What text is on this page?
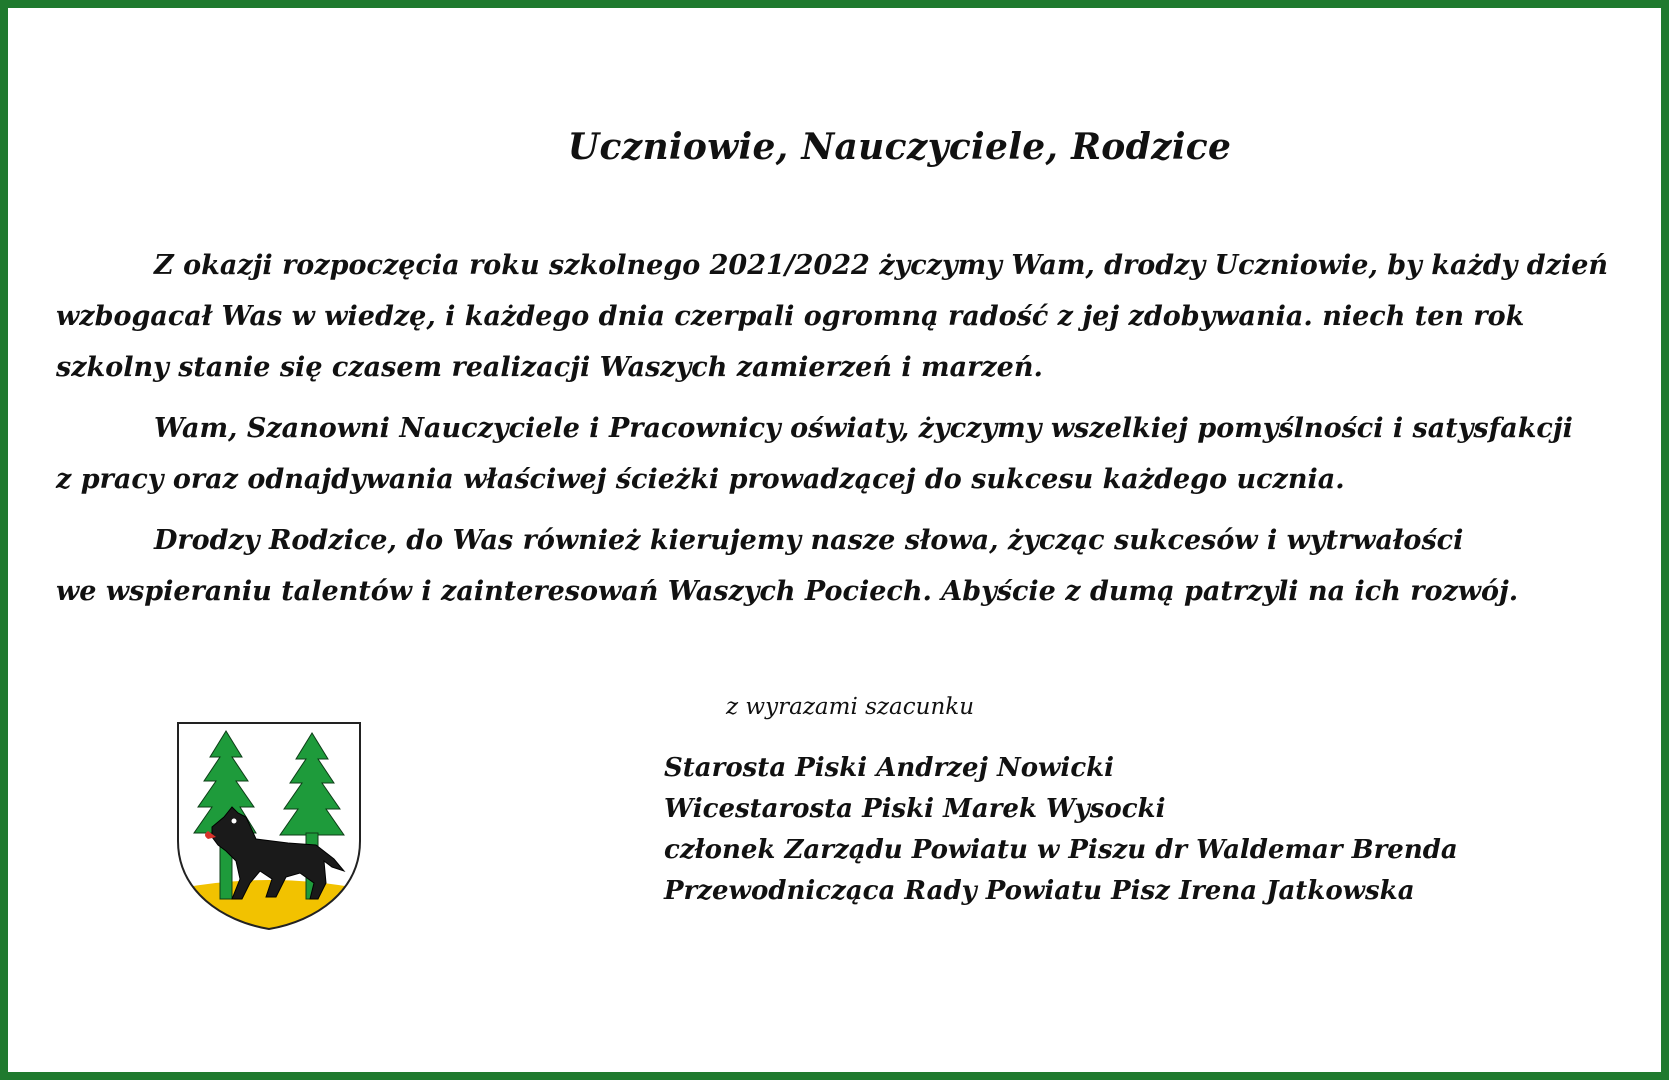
Uczniowie, Nauczyciele, Rodzice

Z okazji rozpoczęcia roku szkolnego 2021/2022 życzymy Wam, drodzy Uczniowie, by każdy dzień
wzbogacał Was w wiedzę, i każdego dnia czerpali ogromną radość z jej zdobywania. niech ten rok
szkolny stanie się czasem realizacji Waszych zamierzeń i marzeń.

Wam, Szanowni Nauczyciele i Pracownicy oświaty, życzymy wszelkiej pomyślności i satysfakcji
z pracy oraz odnajdywania właściwej ścieżki prowadzącej do sukcesu każdego ucznia.

Drodzy Rodzice, do Was również kierujemy nasze słowa, życząc sukcesów i wytrwałości
we wspieraniu talentów i zainteresowań Waszych Pociech. Abyście z dumą patrzyli na ich rozwój.

z wyrazami szacunku

Starosta Piski Andrzej Nowicki
Wicestarosta Piski Marek Wysocki
członek Zarządu Powiatu w Piszu dr Waldemar Brenda
Przewodnicząca Rady Powiatu Pisz Irena Jatkowska
